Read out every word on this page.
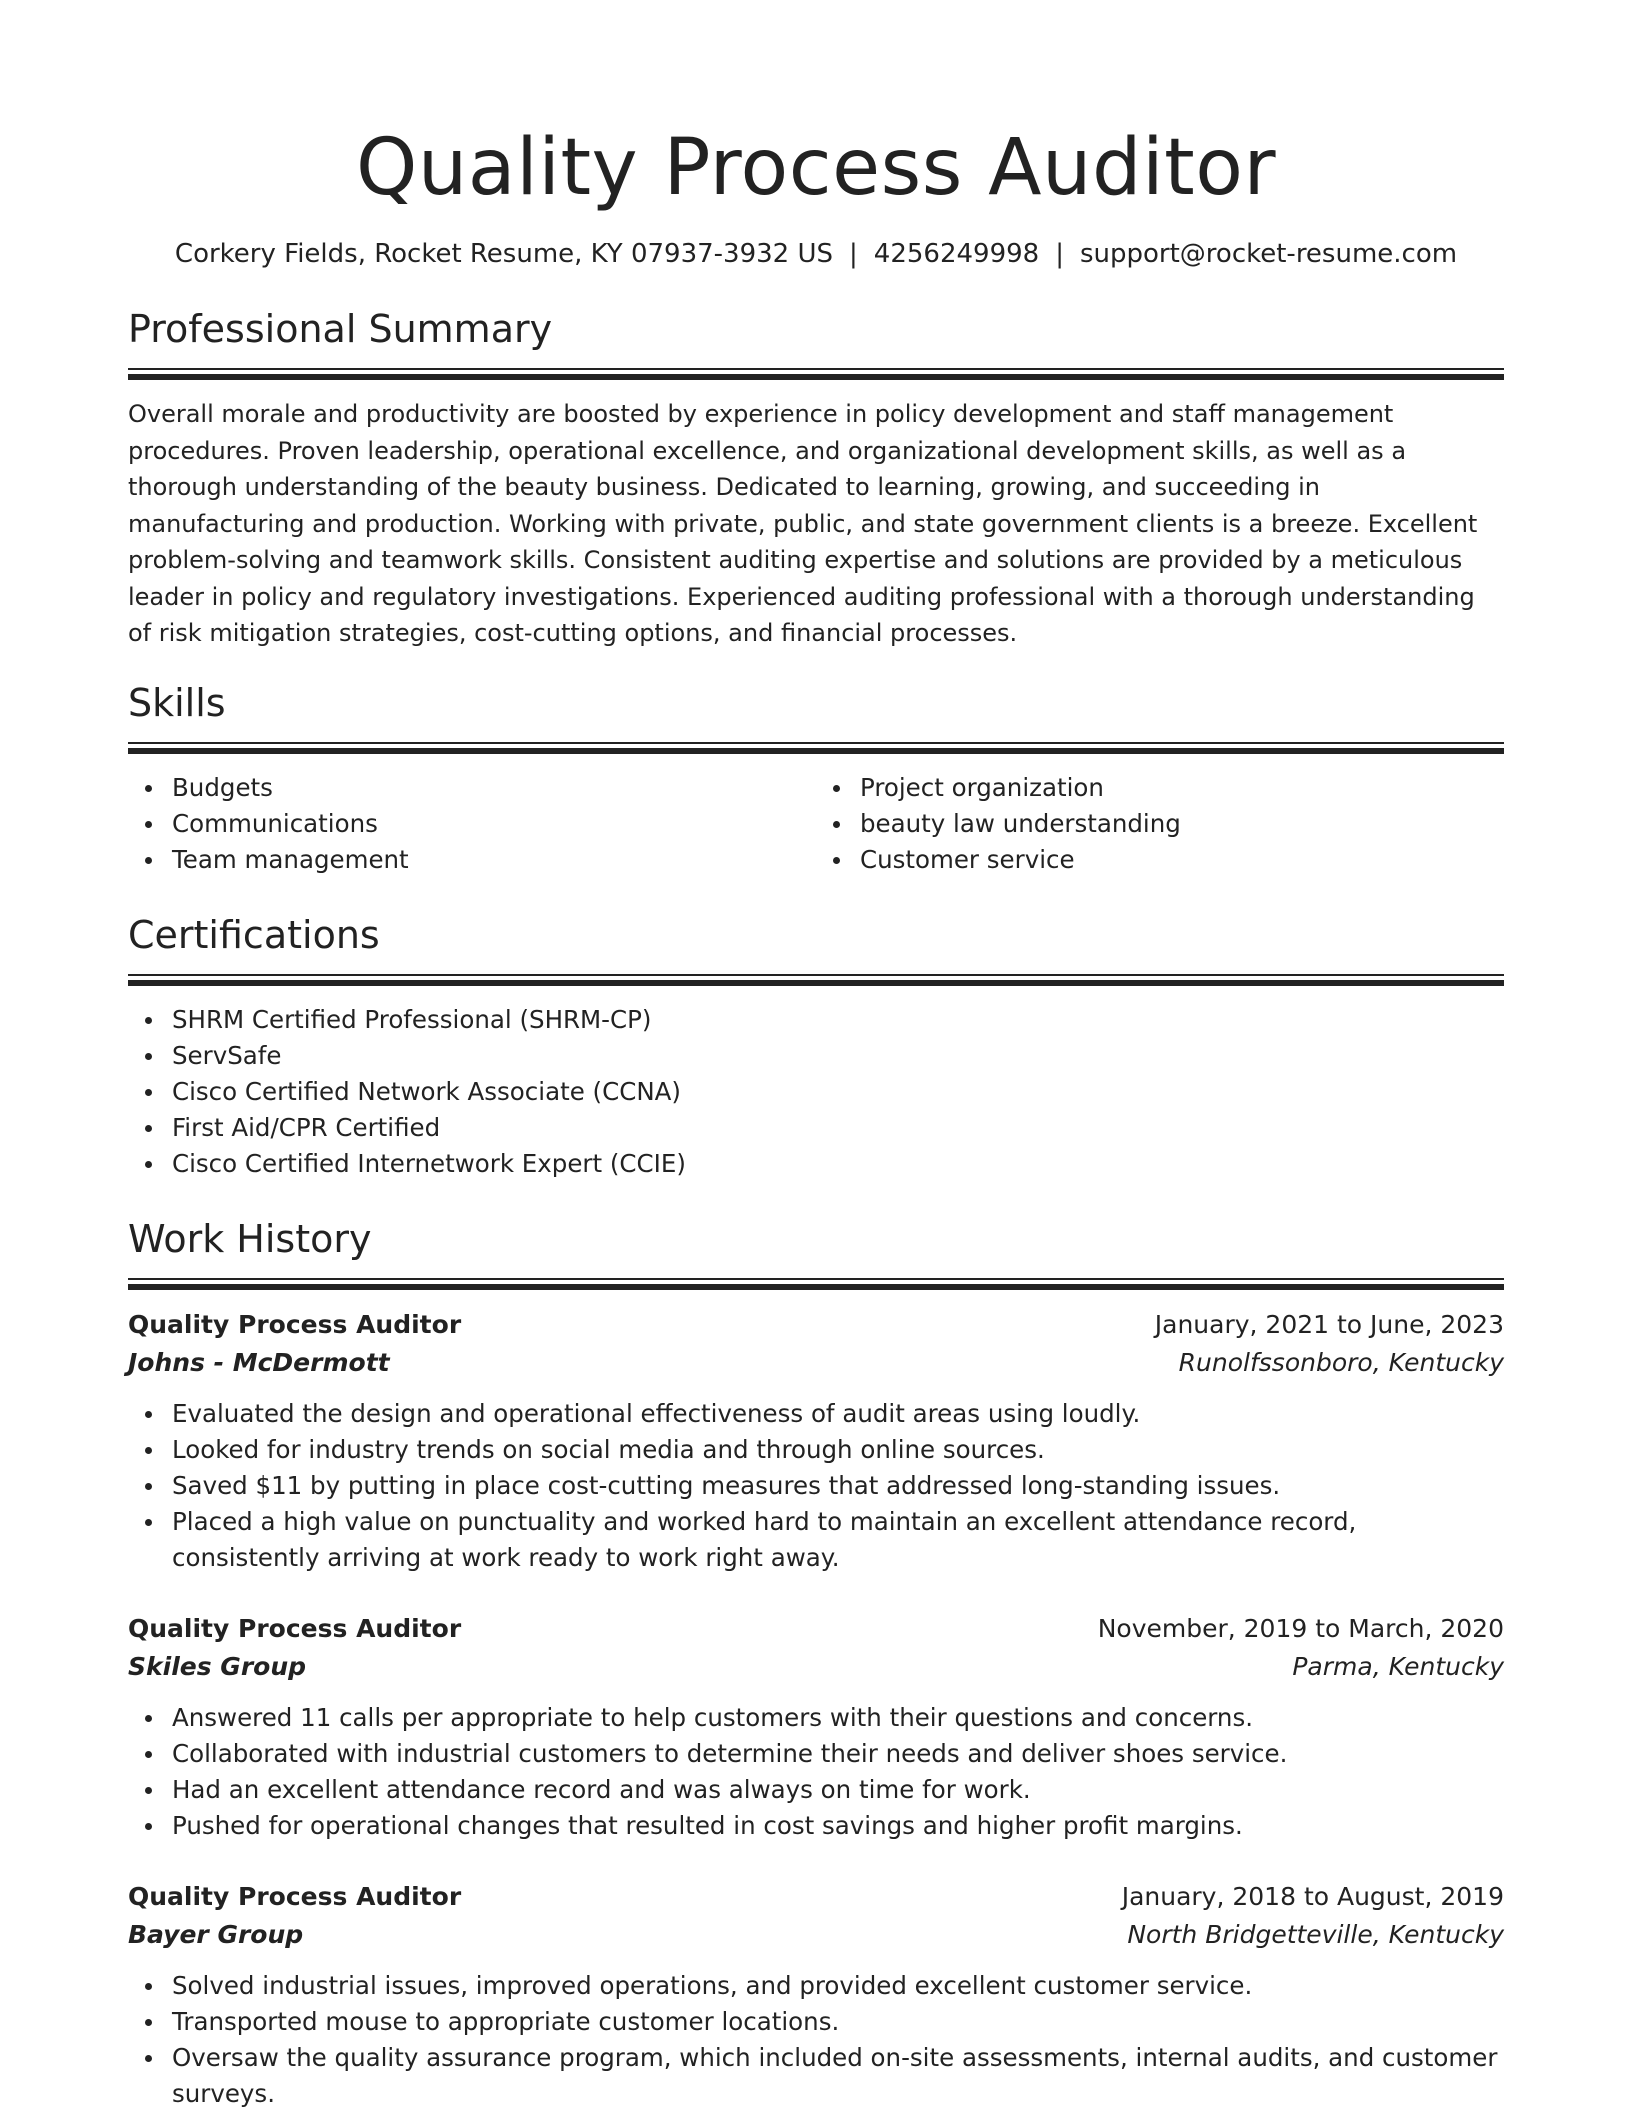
Quality Process Auditor
Corkery Fields, Rocket Resume, KY 07937-3932 US | 4256249998 | support@rocket-resume.com
Professional Summary

Overall morale and productivity are boosted by experience in policy development and staff management procedures. Proven leadership, operational excellence, and organizational development skills, as well as a thorough understanding of the beauty business. Dedicated to learning, growing, and succeeding in manufacturing and production. Working with private, public, and state government clients is a breeze. Excellent problem-solving and teamwork skills. Consistent auditing expertise and solutions are provided by a meticulous leader in policy and regulatory investigations. Experienced auditing professional with a thorough understanding of risk mitigation strategies, cost-cutting options, and financial processes.

Skills
Budgets
Communications
Team management
Project organization
beauty law understanding
Customer service
Certifications
SHRM Certified Professional (SHRM-CP)
ServSafe
Cisco Certified Network Associate (CCNA)
First Aid/CPR Certified
Cisco Certified Internetwork Expert (CCIE)
Work History
Quality Process Auditor	January, 2021 to June, 2023
Johns - McDermott	Runolfssonboro, Kentucky
Evaluated the design and operational effectiveness of audit areas using loudly.
Looked for industry trends on social media and through online sources.
Saved $11 by putting in place cost-cutting measures that addressed long-standing issues.
Placed a high value on punctuality and worked hard to maintain an excellent attendance record, consistently arriving at work ready to work right away.
Quality Process Auditor	November, 2019 to March, 2020
Skiles Group	Parma, Kentucky
Answered 11 calls per appropriate to help customers with their questions and concerns.
Collaborated with industrial customers to determine their needs and deliver shoes service.
Had an excellent attendance record and was always on time for work.
Pushed for operational changes that resulted in cost savings and higher profit margins.
Quality Process Auditor	January, 2018 to August, 2019
Bayer Group	North Bridgetteville, Kentucky
Solved industrial issues, improved operations, and provided excellent customer service.
Transported mouse to appropriate customer locations.
Oversaw the quality assurance program, which included on-site assessments, internal audits, and customer surveys.
